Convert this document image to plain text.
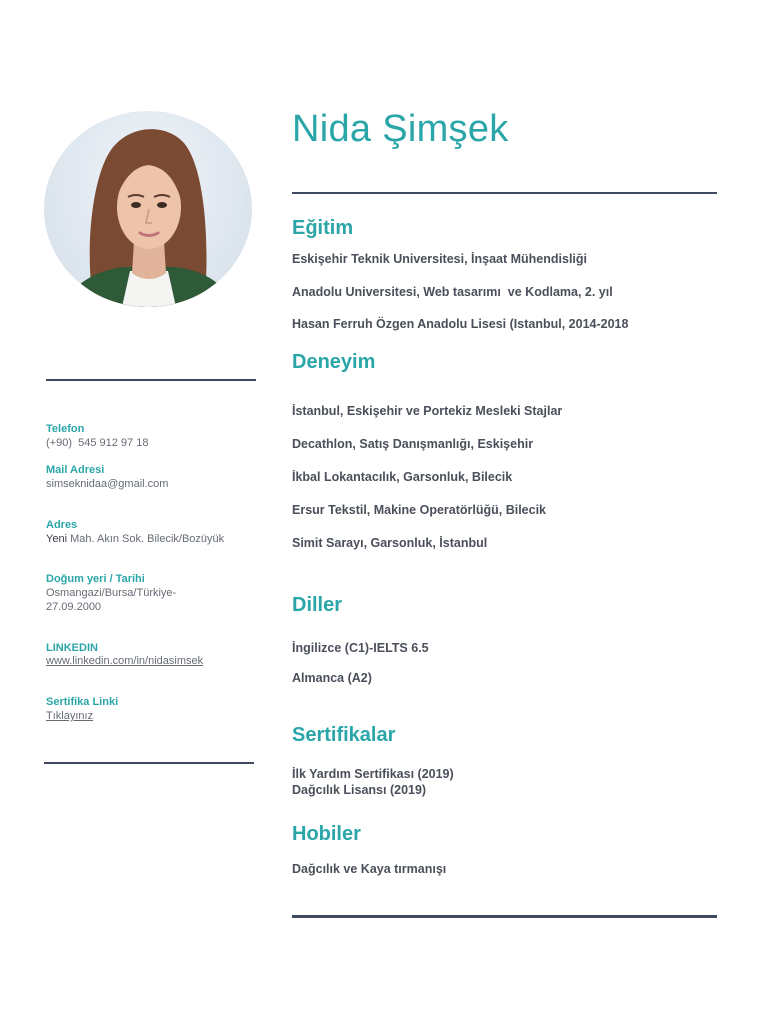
Nida Şimşek
Telefon
(+90)  545 912 97 18
Mail Adresi
simseknidaa@gmail.com
Adres
Yeni Mah. Akın Sok. Bilecik/Bozüyük
Doğum yeri / Tarihi
Osmangazi/Bursa/Türkiye-
27.09.2000
LINKEDIN
www.linkedin.com/in/nidasimsek
Sertifika Linki
Tıklayınız
Eğitim
Eskişehir Teknik Universitesi, İnşaat Mühendisliği
Anadolu Universitesi, Web tasarımı  ve Kodlama, 2. yıl
Hasan Ferruh Özgen Anadolu Lisesi (Istanbul, 2014-2018
Deneyim
İstanbul, Eskişehir ve Portekiz Mesleki Stajlar
Decathlon, Satış Danışmanlığı, Eskişehir
İkbal Lokantacılık, Garsonluk, Bilecik
Ersur Tekstil, Makine Operatörlüğü, Bilecik
Simit Sarayı, Garsonluk, İstanbul
Diller
İngilizce (C1)-IELTS 6.5
Almanca (A2)
Sertifikalar
İlk Yardım Sertifikası (2019)
Dağcılık Lisansı (2019)
Hobiler
Dağcılık ve Kaya tırmanışı
